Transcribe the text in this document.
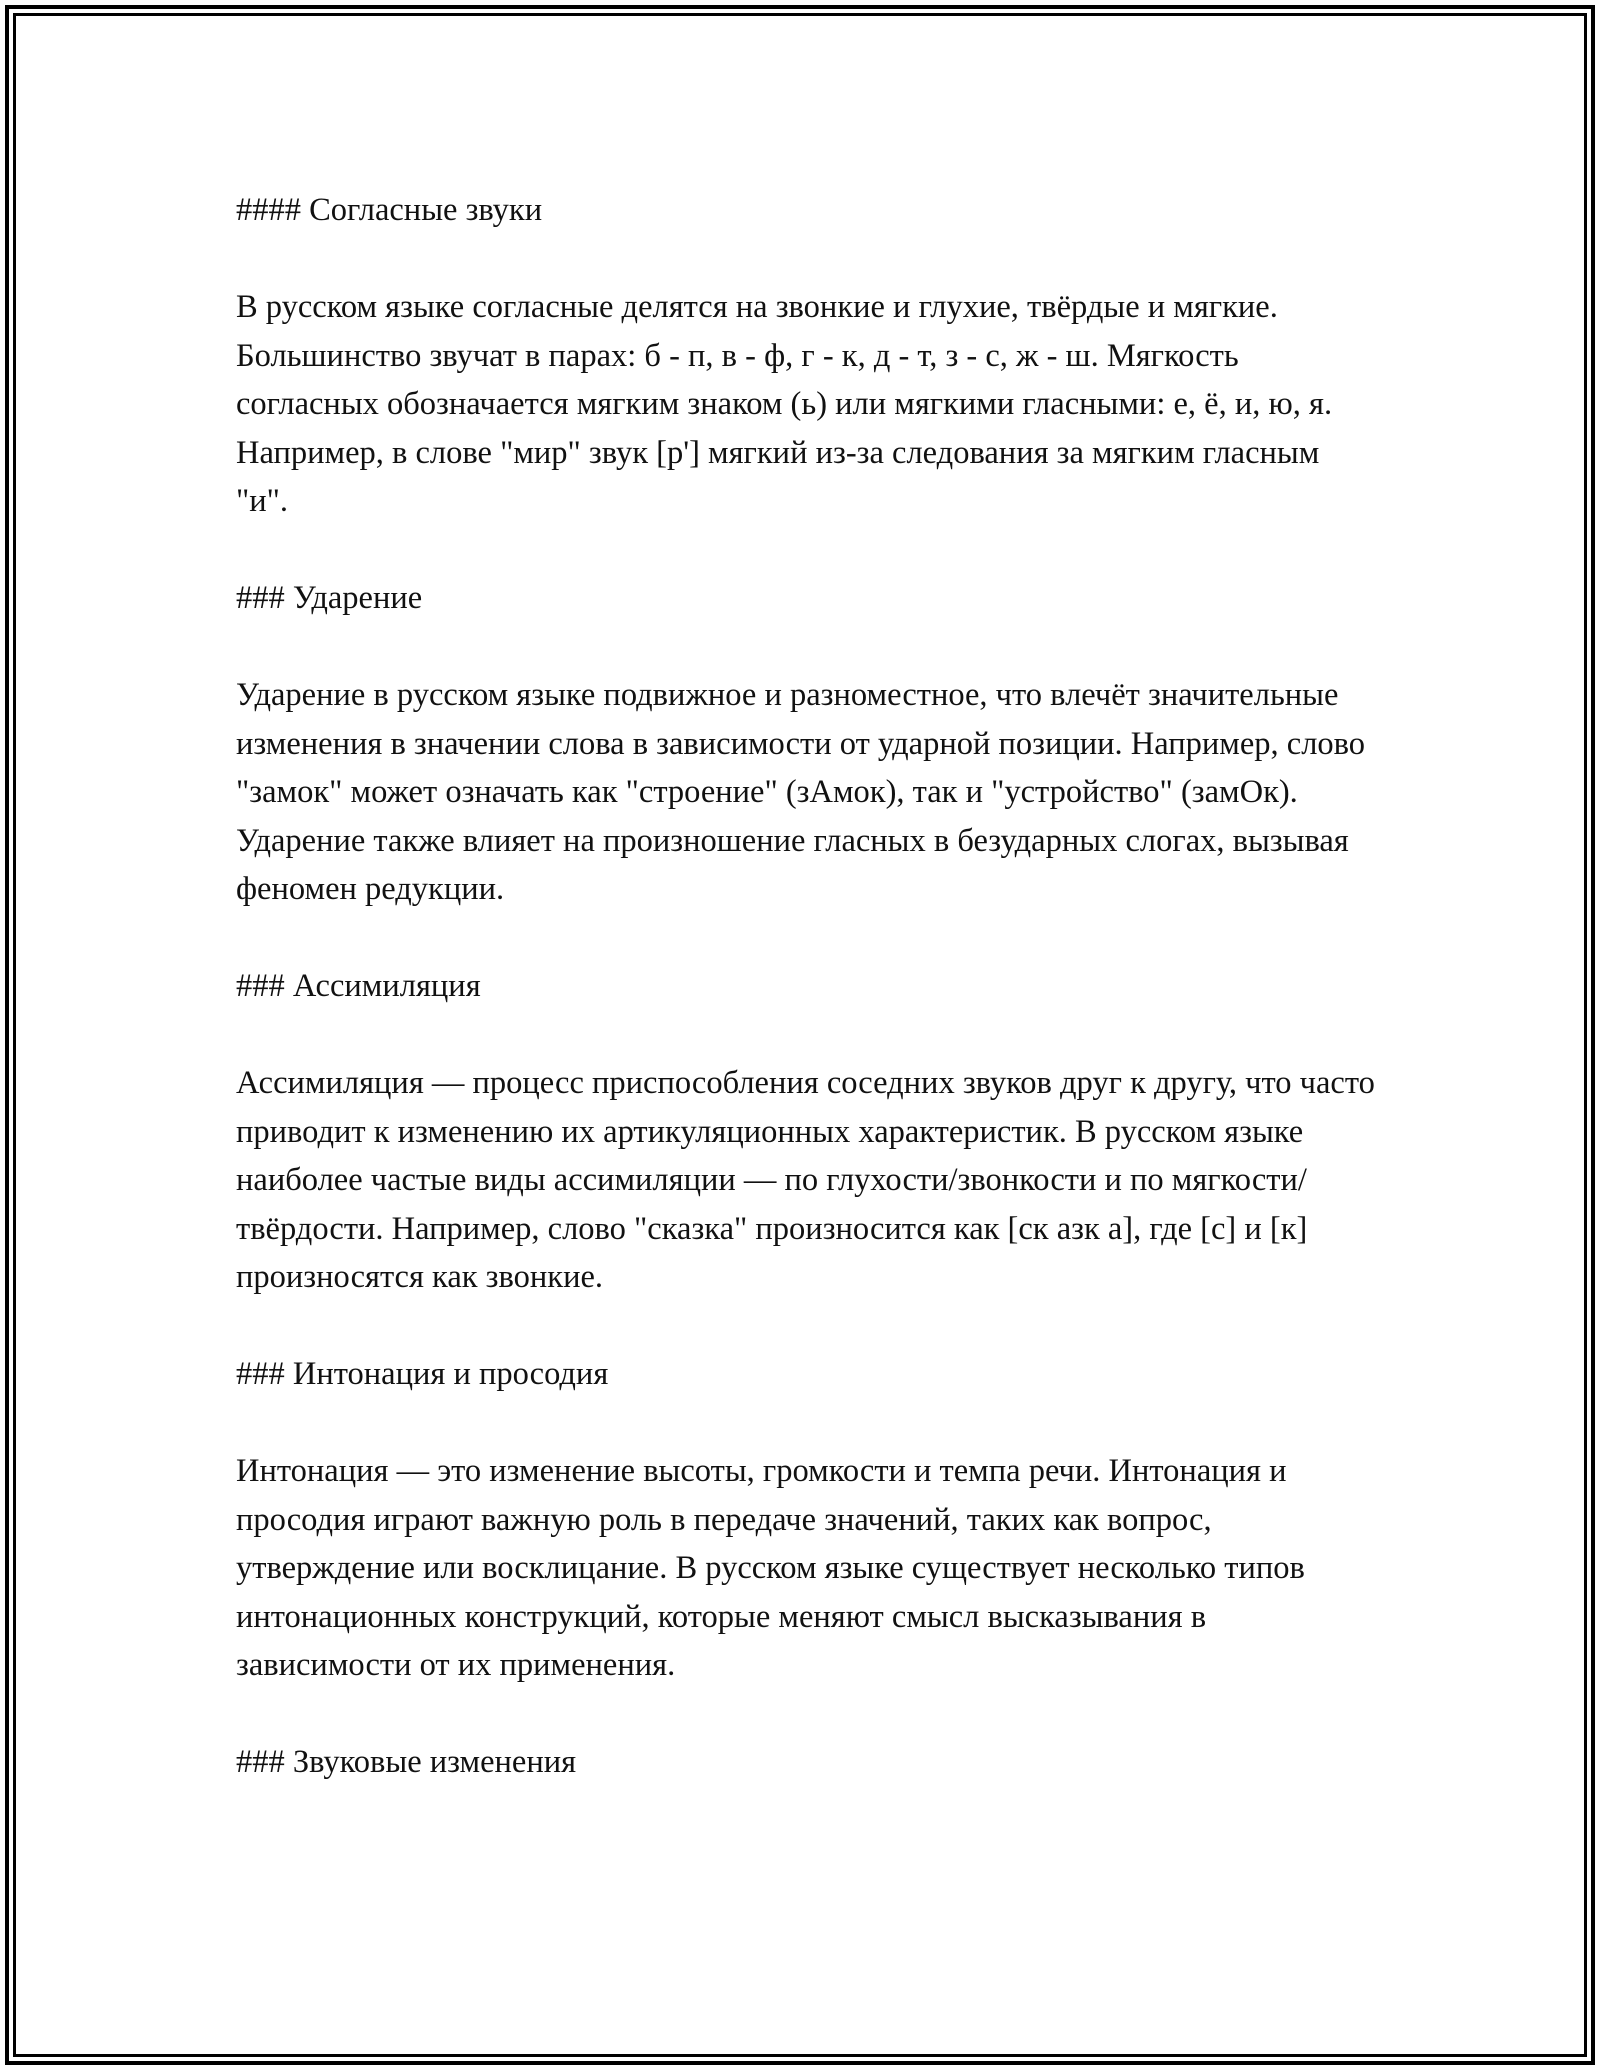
#### Согласные звуки

В русском языке согласные делятся на звонкие и глухие, твёрдые и мягкие. Большинство звучат в парах: б - п, в - ф, г - к, д - т, з - с, ж - ш. Мягкость согласных обозначается мягким знаком (ь) или мягкими гласными: е, ё, и, ю, я. Например, в слове "мир" звук [р'] мягкий из-за следования за мягким гласным "и".

### Ударение

Ударение в русском языке подвижное и разноместное, что влечёт значительные изменения в значении слова в зависимости от ударной позиции. Например, слово "замок" может означать как "строение" (зАмок), так и "устройство" (замОк). Ударение также влияет на произношение гласных в безударных слогах, вызывая феномен редукции.

### Ассимиляция

Ассимиляция — процесс приспособления соседних звуков друг к другу, что часто приводит к изменению их артикуляционных характеристик. В русском языке наиболее частые виды ассимиляции — по глухости/звонкости и по мягкости/твёрдости. Например, слово "сказка" произносится как [ск азк а], где [с] и [к] произносятся как звонкие.

### Интонация и просодия

Интонация — это изменение высоты, громкости и темпа речи. Интонация и просодия играют важную роль в передаче значений, таких как вопрос, утверждение или восклицание. В русском языке существует несколько типов интонационных конструкций, которые меняют смысл высказывания в зависимости от их применения.

### Звуковые изменения
